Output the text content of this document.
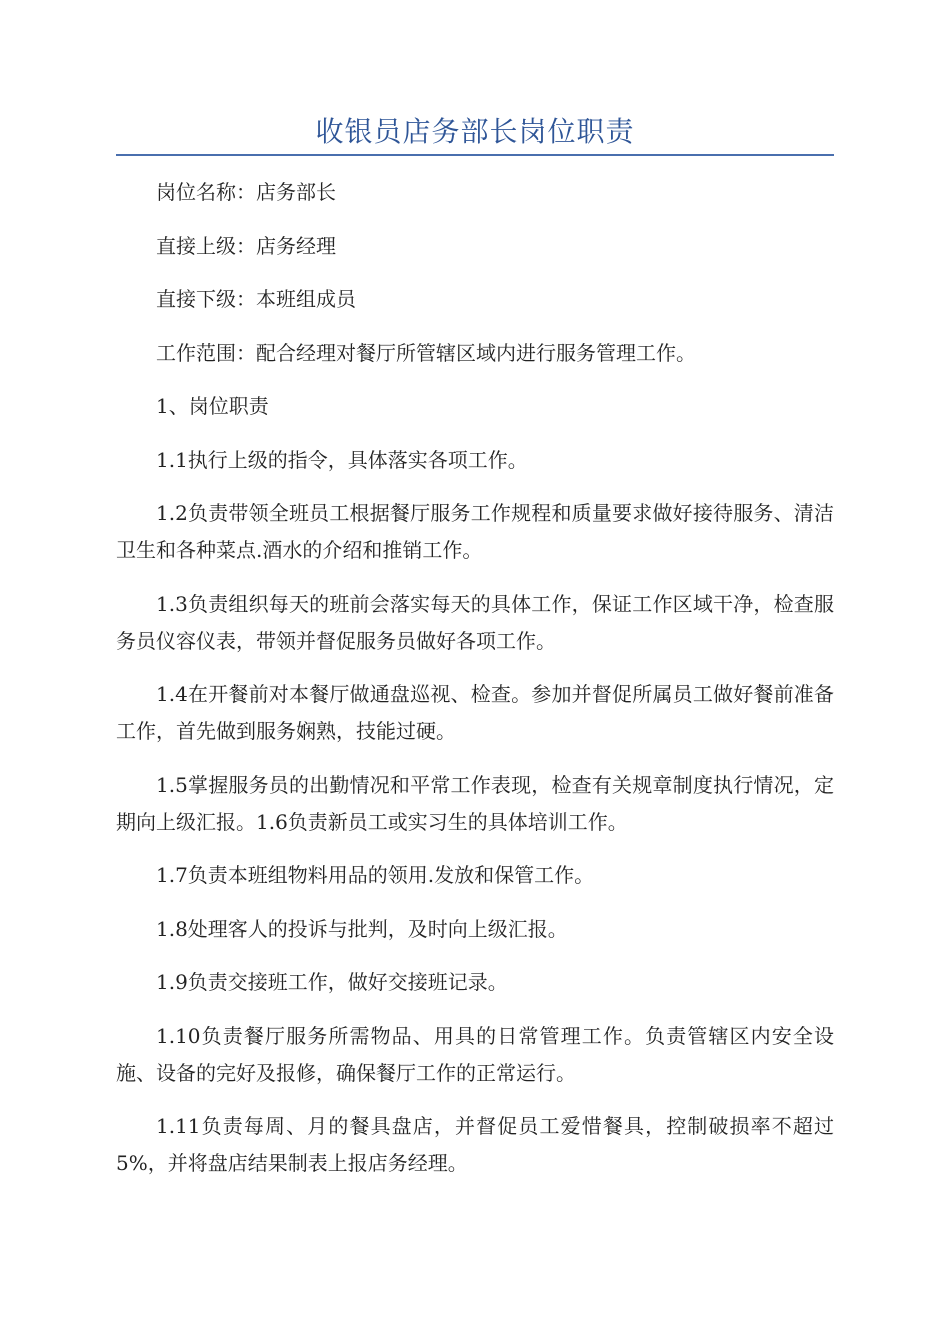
收银员店务部长岗位职责

岗位名称：店务部长

直接上级：店务经理

直接下级：本班组成员

工作范围：配合经理对餐厅所管辖区域内进行服务管理工作。

1、岗位职责

1.1执行上级的指令，具体落实各项工作。

1.2负责带领全班员工根据餐厅服务工作规程和质量要求做好接待服务、清洁卫生和各种菜点.酒水的介绍和推销工作。

1.3负责组织每天的班前会落实每天的具体工作，保证工作区域干净，检查服务员仪容仪表，带领并督促服务员做好各项工作。

1.4在开餐前对本餐厅做通盘巡视、检查。参加并督促所属员工做好餐前准备工作，首先做到服务娴熟，技能过硬。

1.5掌握服务员的出勤情况和平常工作表现，检查有关规章制度执行情况，定期向上级汇报。1.6负责新员工或实习生的具体培训工作。

1.7负责本班组物料用品的领用.发放和保管工作。

1.8处理客人的投诉与批判，及时向上级汇报。

1.9负责交接班工作，做好交接班记录。

1.10负责餐厅服务所需物品、用具的日常管理工作。负责管辖区内安全设施、设备的完好及报修，确保餐厅工作的正常运行。

1.11负责每周、月的餐具盘店，并督促员工爱惜餐具，控制破损率不超过5%，并将盘店结果制表上报店务经理。
